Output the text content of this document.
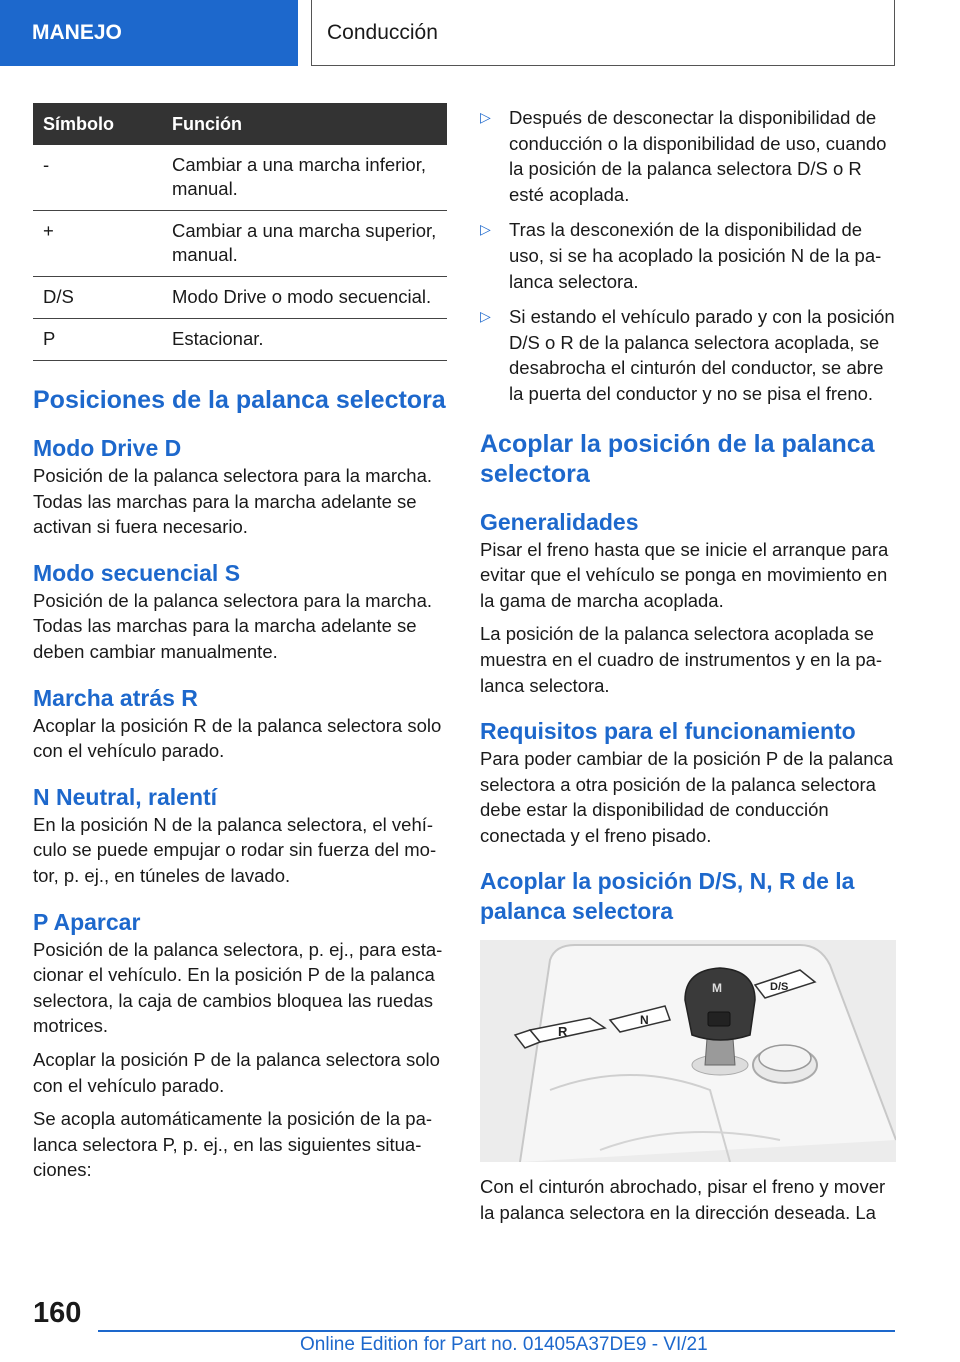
MANEJO	Conducción
Símbolo	Función
-	Cambiar a una marcha inferior, manual.
+	Cambiar a una marcha superior, manual.
D/S	Modo Drive o modo secuencial.
P	Estacionar.
Posiciones de la palanca selectora
Modo Drive D

Posición de la palanca selectora para la marcha. Todas las marchas para la marcha adelante se activan si fuera necesario.

Modo secuencial S

Posición de la palanca selectora para la marcha. Todas las marchas para la marcha adelante se deben cambiar manualmente.

Marcha atrás R

Acoplar la posición R de la palanca selectora solo con el vehículo parado.

N Neutral, ralentí

En la posición N de la palanca selectora, el vehículo se puede empujar o rodar sin fuerza del motor, p. ej., en túneles de lavado.

P Aparcar

Posición de la palanca selectora, p. ej., para estacionar el vehículo. En la posición P de la palanca selectora, la caja de cambios bloquea las ruedas motrices.

Acoplar la posición P de la palanca selectora solo con el vehículo parado.

Se acopla automáticamente la posición de la palanca selectora P, p. ej., en las siguientes situaciones:

▷ Después de desconectar la disponibilidad de conducción o la disponibilidad de uso, cuando la posición de la palanca selectora D/S o R esté acoplada.
▷ Tras la desconexión de la disponibilidad de uso, si se ha acoplado la posición N de la palanca selectora.
▷ Si estando el vehículo parado y con la posición D/S o R de la palanca selectora acoplada, se desabrocha el cinturón del conductor, se abre la puerta del conductor y no se pisa el freno.
Acoplar la posición de la palanca selectora
Generalidades

Pisar el freno hasta que se inicie el arranque para evitar que el vehículo se ponga en movimiento en la gama de marcha acoplada.

La posición de la palanca selectora acoplada se muestra en el cuadro de instrumentos y en la palanca selectora.

Requisitos para el funcionamiento

Para poder cambiar de la posición P de la palanca selectora a otra posición de la palanca selectora debe estar la disponibilidad de conducción conectada y el freno pisado.

Acoplar la posición D/S, N, R de la palanca selectora
R
N
D/S
M

Con el cinturón abrochado, pisar el freno y mover la palanca selectora en la dirección deseada. La

160
Online Edition for Part no. 01405A37DE9 - VI/21
